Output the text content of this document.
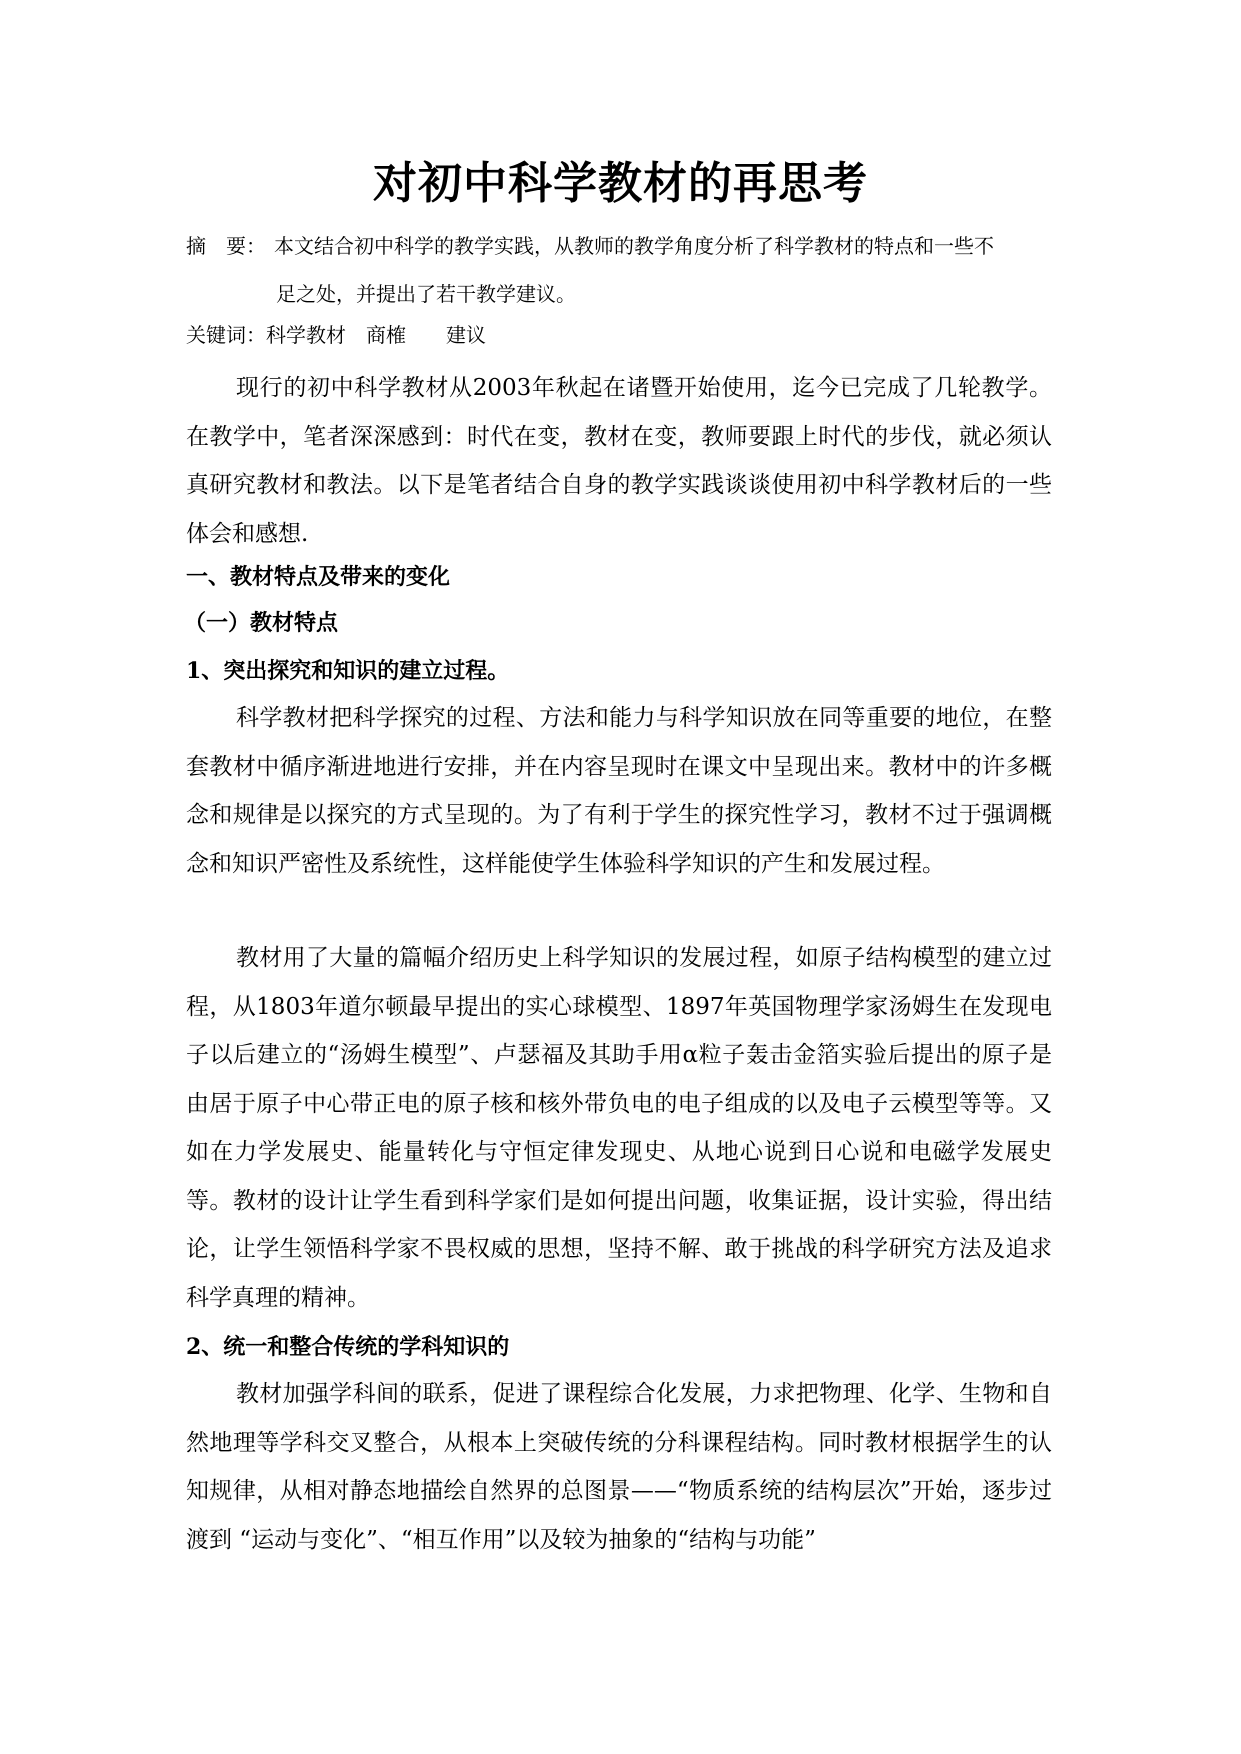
对初中科学教材的再思考
摘　要： 本文结合初中科学的教学实践，从教师的教学角度分析了科学教材的特点和一些不
足之处，并提出了若干教学建议。
关键词：科学教材　商榷　　建议

现行的初中科学教材从2003年秋起在诸暨开始使用，迄今已完成了几轮教学。在教学中，笔者深深感到：时代在变，教材在变，教师要跟上时代的步伐，就必须认真研究教材和教法。以下是笔者结合自身的教学实践谈谈使用初中科学教材后的一些体会和感想.

一、教材特点及带来的变化
（一）教材特点
1、突出探究和知识的建立过程。

科学教材把科学探究的过程、方法和能力与科学知识放在同等重要的地位，在整套教材中循序渐进地进行安排，并在内容呈现时在课文中呈现出来。教材中的许多概念和规律是以探究的方式呈现的。为了有利于学生的探究性学习，教材不过于强调概念和知识严密性及系统性，这样能使学生体验科学知识的产生和发展过程。

教材用了大量的篇幅介绍历史上科学知识的发展过程，如原子结构模型的建立过程，从1803年道尔顿最早提出的实心球模型、1897年英国物理学家汤姆生在发现电子以后建立的“汤姆生模型”、卢瑟福及其助手用α粒子轰击金箔实验后提出的原子是由居于原子中心带正电的原子核和核外带负电的电子组成的以及电子云模型等等。又如在力学发展史、能量转化与守恒定律发现史、从地心说到日心说和电磁学发展史等。教材的设计让学生看到科学家们是如何提出问题，收集证据，设计实验，得出结论，让学生领悟科学家不畏权威的思想，坚持不解、敢于挑战的科学研究方法及追求科学真理的精神。

2、统一和整合传统的学科知识的

教材加强学科间的联系，促进了课程综合化发展，力求把物理、化学、生物和自然地理等学科交叉整合，从根本上突破传统的分科课程结构。同时教材根据学生的认知规律，从相对静态地描绘自然界的总图景——“物质系统的结构层次”开始，逐步过渡到 “运动与变化”、“相互作用”以及较为抽象的“结构与功能”
